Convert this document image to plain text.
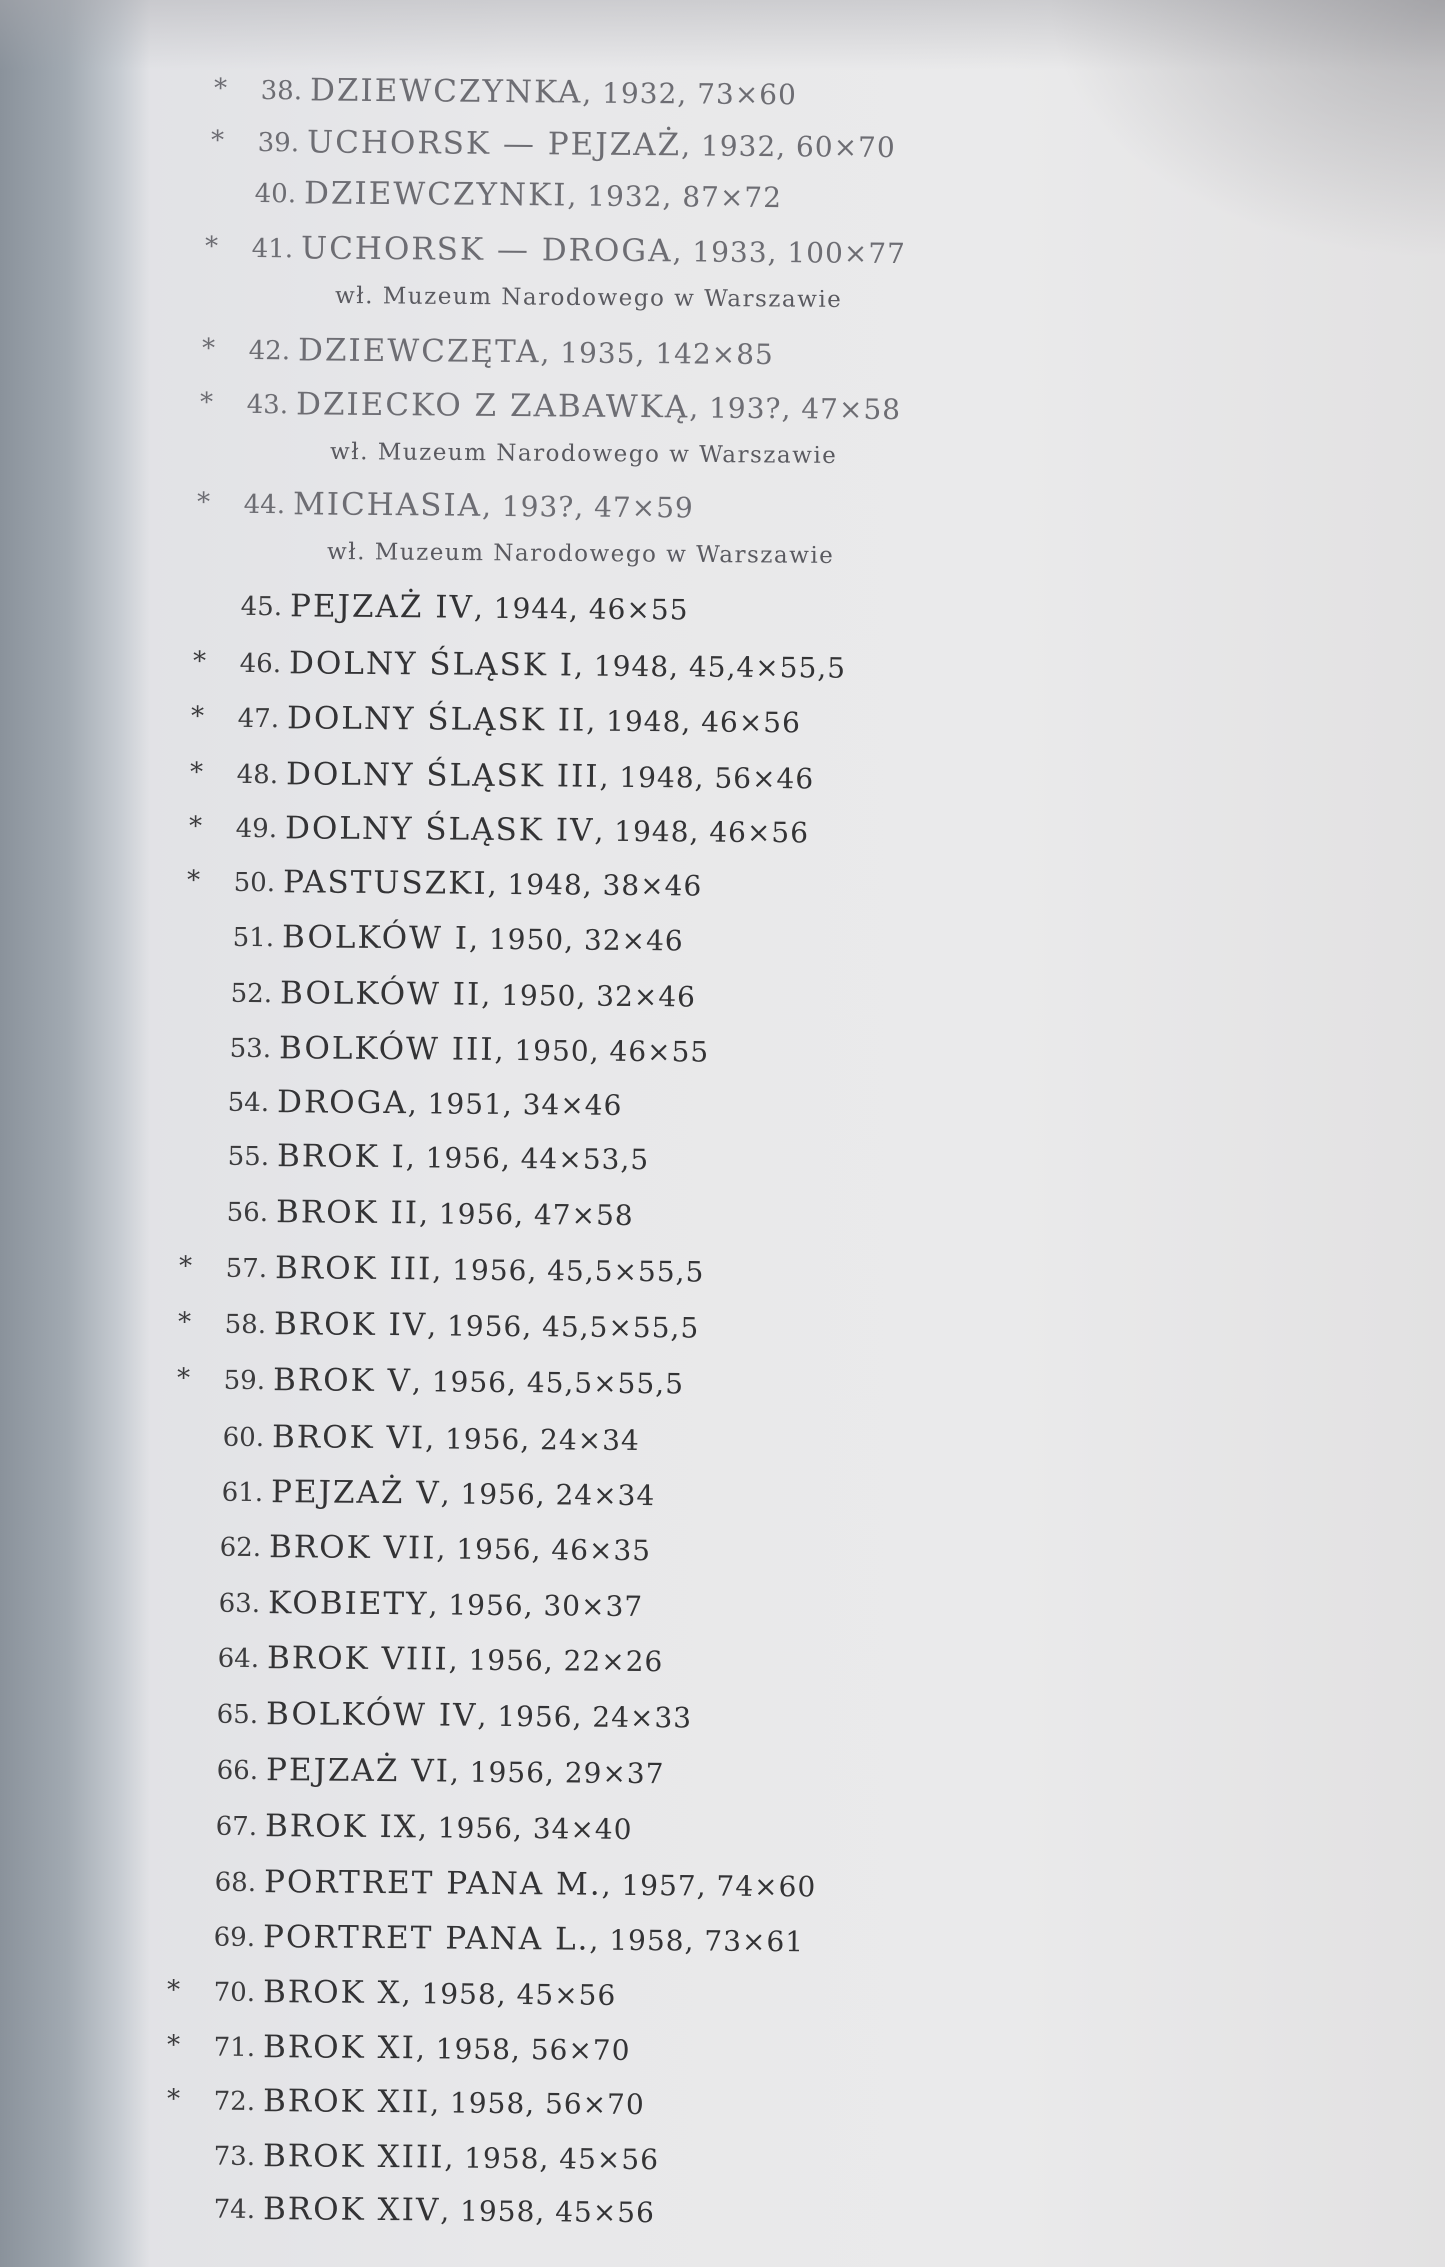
*	38. DZIEWCZYNKA, 1932, 73×60
*	39. UCHORSK — PEJZAŻ, 1932, 60×70
40. DZIEWCZYNKI, 1932, 87×72
*	41. UCHORSK — DROGA, 1933, 100×77
wł. Muzeum Narodowego w Warszawie
*	42. DZIEWCZĘTA, 1935, 142×85
*	43. DZIECKO Z ZABAWKĄ, 193?, 47×58
wł. Muzeum Narodowego w Warszawie
*	44. MICHASIA, 193?, 47×59
wł. Muzeum Narodowego w Warszawie
45. PEJZAŻ IV, 1944, 46×55
*	46. DOLNY ŚLĄSK I, 1948, 45,4×55,5
*	47. DOLNY ŚLĄSK II, 1948, 46×56
*	48. DOLNY ŚLĄSK III, 1948, 56×46
*	49. DOLNY ŚLĄSK IV, 1948, 46×56
*	50. PASTUSZKI, 1948, 38×46
51. BOLKÓW I, 1950, 32×46
52. BOLKÓW II, 1950, 32×46
53. BOLKÓW III, 1950, 46×55
54. DROGA, 1951, 34×46
55. BROK I, 1956, 44×53,5
56. BROK II, 1956, 47×58
*	57. BROK III, 1956, 45,5×55,5
*	58. BROK IV, 1956, 45,5×55,5
*	59. BROK V, 1956, 45,5×55,5
60. BROK VI, 1956, 24×34
61. PEJZAŻ V, 1956, 24×34
62. BROK VII, 1956, 46×35
63. KOBIETY, 1956, 30×37
64. BROK VIII, 1956, 22×26
65. BOLKÓW IV, 1956, 24×33
66. PEJZAŻ VI, 1956, 29×37
67. BROK IX, 1956, 34×40
68. PORTRET PANA M., 1957, 74×60
69. PORTRET PANA L., 1958, 73×61
*	70. BROK X, 1958, 45×56
*	71. BROK XI, 1958, 56×70
*	72. BROK XII, 1958, 56×70
73. BROK XIII, 1958, 45×56
74. BROK XIV, 1958, 45×56
